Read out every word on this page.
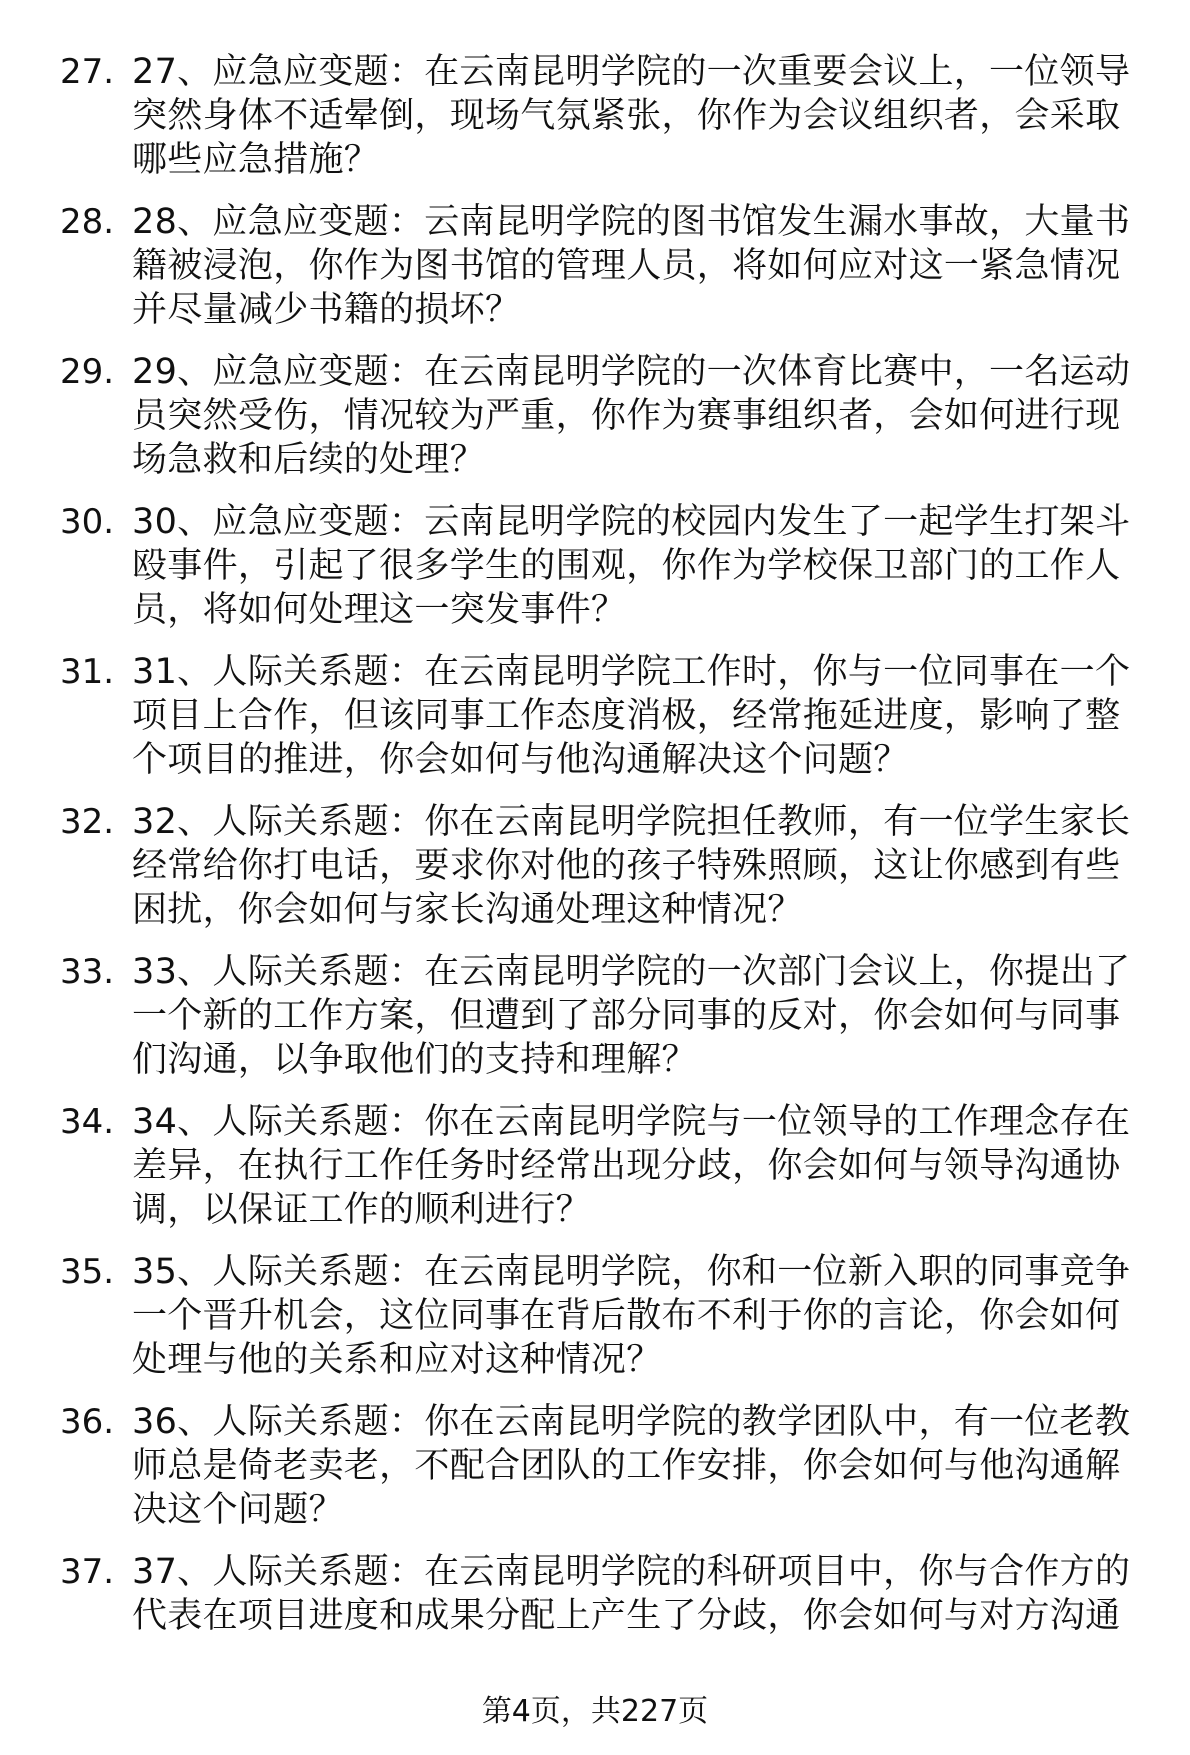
27. 27、应急应变题：在云南昆明学院的一次重要会议上，一位领导突然身体不适晕倒，现场气氛紧张，你作为会议组织者，会采取哪些应急措施？
28. 28、应急应变题：云南昆明学院的图书馆发生漏水事故，大量书籍被浸泡，你作为图书馆的管理人员，将如何应对这一紧急情况并尽量减少书籍的损坏？
29. 29、应急应变题：在云南昆明学院的一次体育比赛中，一名运动员突然受伤，情况较为严重，你作为赛事组织者，会如何进行现场急救和后续的处理？
30. 30、应急应变题：云南昆明学院的校园内发生了一起学生打架斗殴事件，引起了很多学生的围观，你作为学校保卫部门的工作人员，将如何处理这一突发事件？
31. 31、人际关系题：在云南昆明学院工作时，你与一位同事在一个项目上合作，但该同事工作态度消极，经常拖延进度，影响了整个项目的推进，你会如何与他沟通解决这个问题？
32. 32、人际关系题：你在云南昆明学院担任教师，有一位学生家长经常给你打电话，要求你对他的孩子特殊照顾，这让你感到有些困扰，你会如何与家长沟通处理这种情况？
33. 33、人际关系题：在云南昆明学院的一次部门会议上，你提出了一个新的工作方案，但遭到了部分同事的反对，你会如何与同事们沟通，以争取他们的支持和理解？
34. 34、人际关系题：你在云南昆明学院与一位领导的工作理念存在差异，在执行工作任务时经常出现分歧，你会如何与领导沟通协调，以保证工作的顺利进行？
35. 35、人际关系题：在云南昆明学院，你和一位新入职的同事竞争一个晋升机会，这位同事在背后散布不利于你的言论，你会如何处理与他的关系和应对这种情况？
36. 36、人际关系题：你在云南昆明学院的教学团队中，有一位老教师总是倚老卖老，不配合团队的工作安排，你会如何与他沟通解决这个问题？
37. 37、人际关系题：在云南昆明学院的科研项目中，你与合作方的代表在项目进度和成果分配上产生了分歧，你会如何与对方沟通
第4页，共227页
